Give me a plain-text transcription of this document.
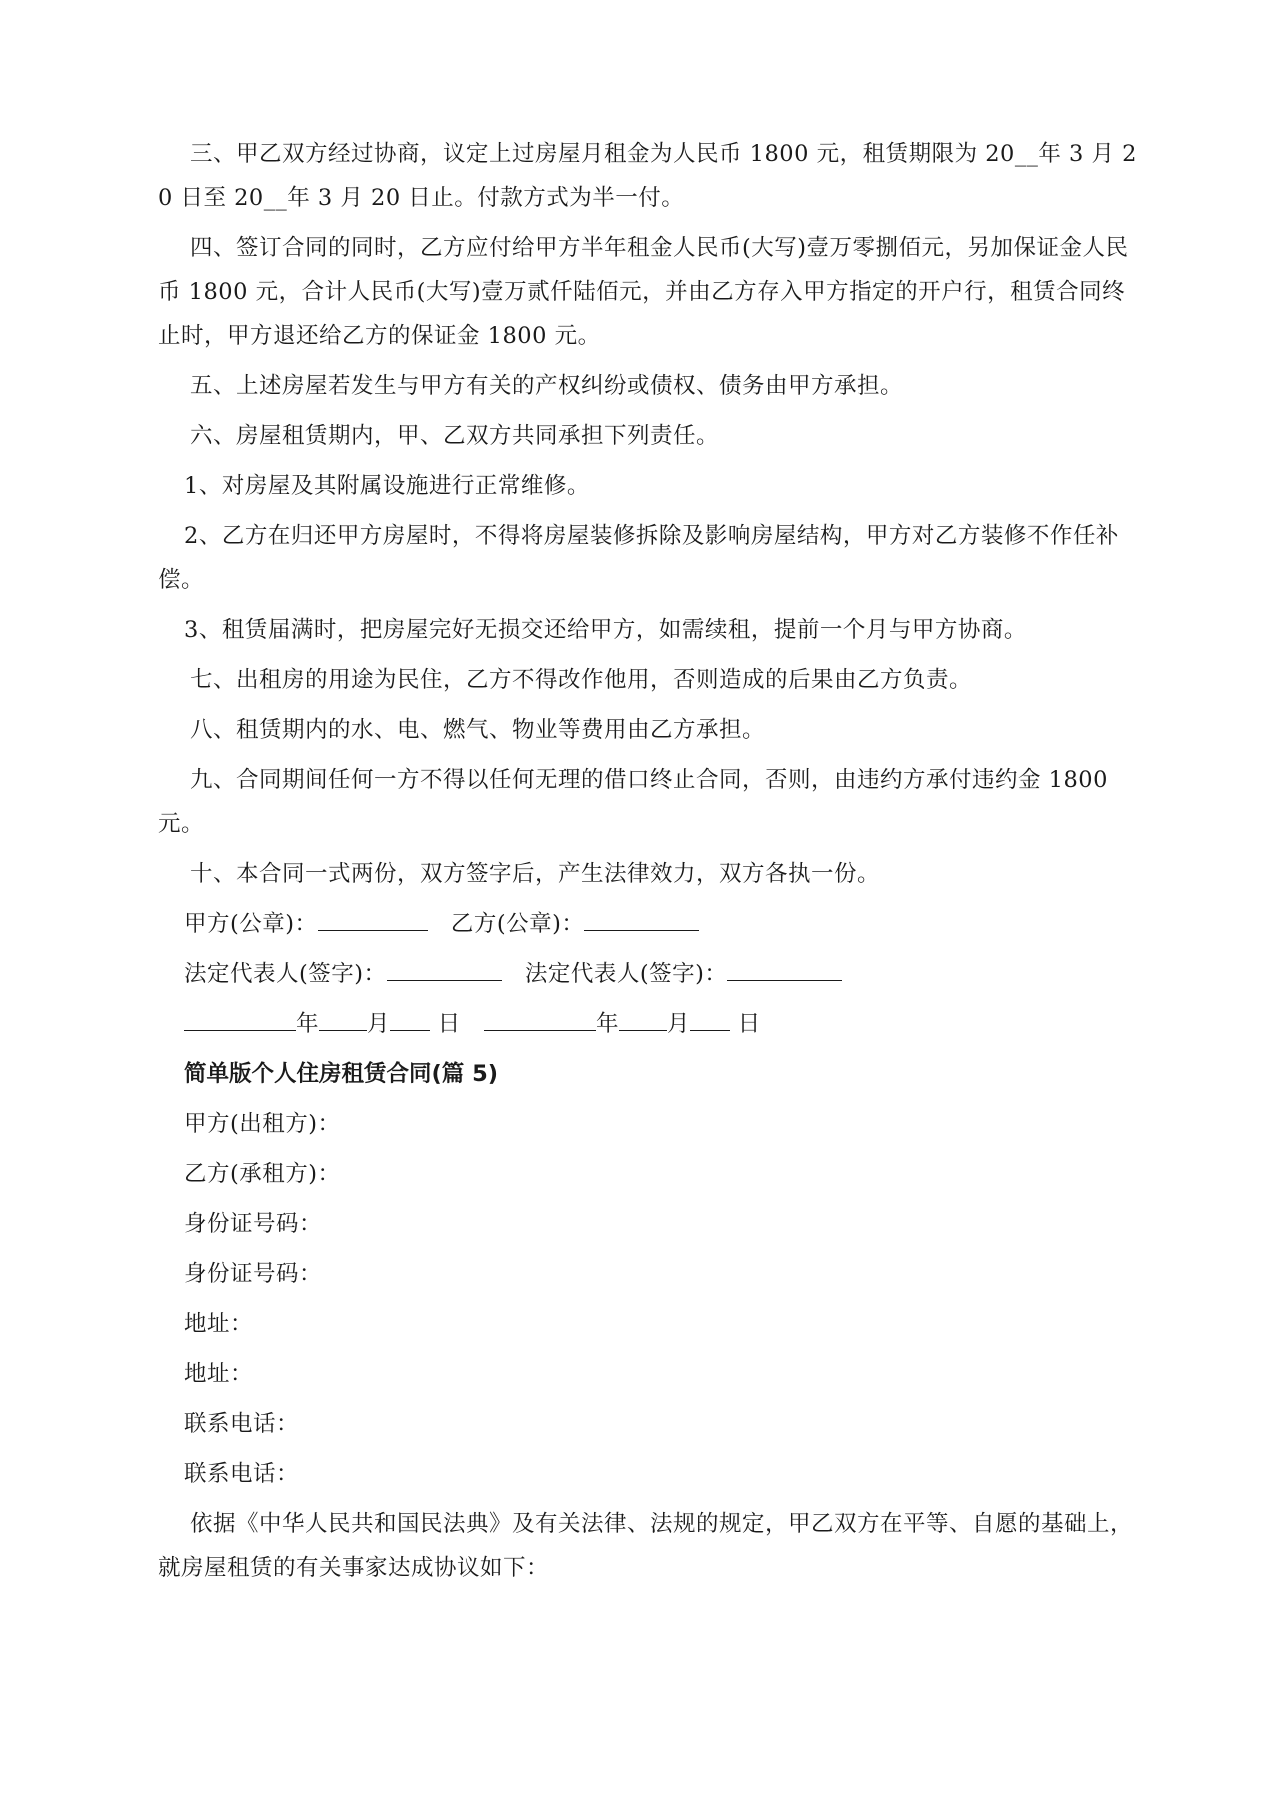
三、甲乙双方经过协商，议定上过房屋月租金为人民币 1800 元，租赁期限为 20__年 3 月 20 日至 20__年 3 月 20 日止。付款方式为半一付。

四、签订合同的同时，乙方应付给甲方半年租金人民币(大写)壹万零捌佰元，另加保证金人民币 1800 元，合计人民币(大写)壹万贰仟陆佰元，并由乙方存入甲方指定的开户行，租赁合同终止时，甲方退还给乙方的保证金 1800 元。

五、上述房屋若发生与甲方有关的产权纠纷或债权、债务由甲方承担。

六、房屋租赁期内，甲、乙双方共同承担下列责任。

1、对房屋及其附属设施进行正常维修。

2、乙方在归还甲方房屋时，不得将房屋装修拆除及影响房屋结构，甲方对乙方装修不作任补偿。

3、租赁届满时，把房屋完好无损交还给甲方，如需续租，提前一个月与甲方协商。

七、出租房的用途为民住，乙方不得改作他用，否则造成的后果由乙方负责。

八、租赁期内的水、电、燃气、物业等费用由乙方承担。

九、合同期间任何一方不得以任何无理的借口终止合同，否则，由违约方承付违约金 1800 元。

十、本合同一式两份，双方签字后，产生法律效力，双方各执一份。

甲方(公章)：	乙方(公章)：
法定代表人(签字)：	法定代表人(签字)：
年 月 日	年 月 日
简单版个人住房租赁合同(篇 5)

甲方(出租方)：

乙方(承租方)：

身份证号码：

身份证号码：

地址：

地址：

联系电话：

联系电话：

依据《中华人民共和国民法典》及有关法律、法规的规定，甲乙双方在平等、自愿的基础上，就房屋租赁的有关事家达成协议如下：
